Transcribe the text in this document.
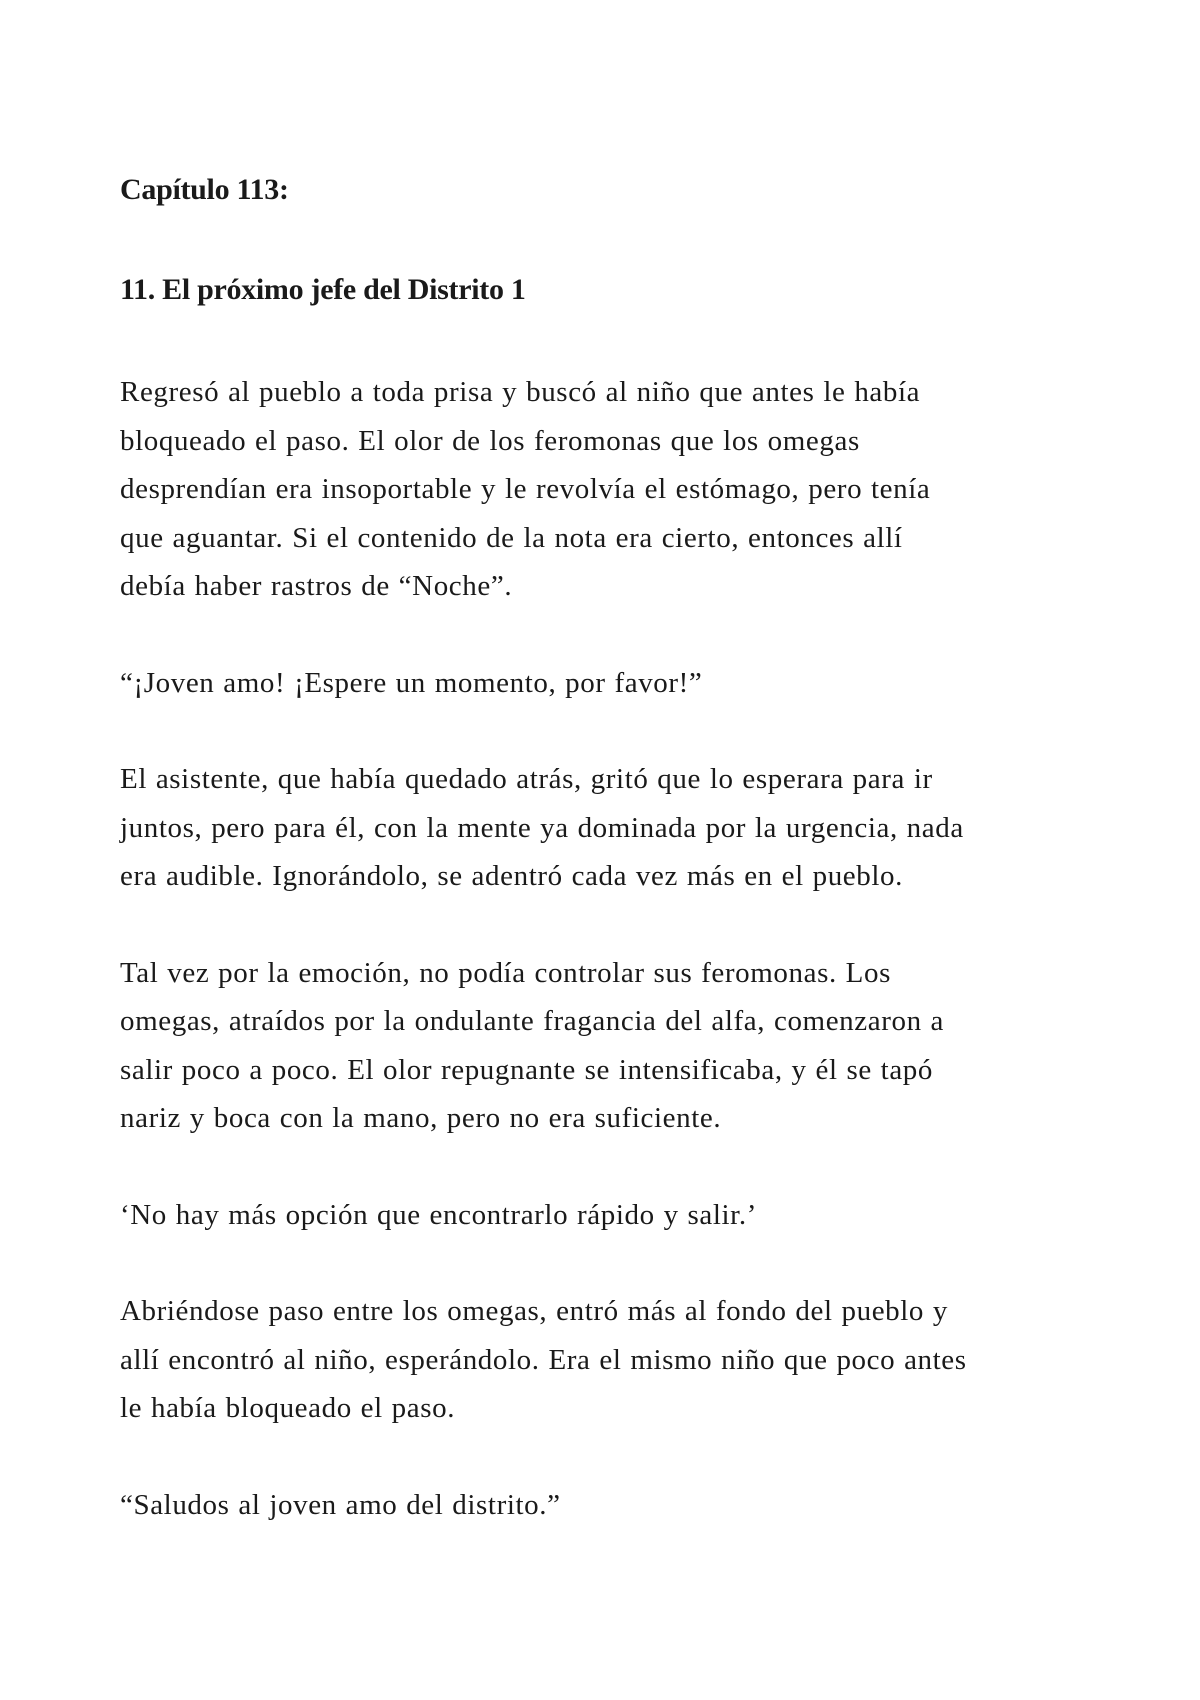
Capítulo 113:
11. El próximo jefe del Distrito 1

Regresó al pueblo a toda prisa y buscó al niño que antes le había
bloqueado el paso. El olor de los feromonas que los omegas
desprendían era insoportable y le revolvía el estómago, pero tenía
que aguantar. Si el contenido de la nota era cierto, entonces allí
debía haber rastros de “Noche”.

“¡Joven amo! ¡Espere un momento, por favor!”

El asistente, que había quedado atrás, gritó que lo esperara para ir
juntos, pero para él, con la mente ya dominada por la urgencia, nada
era audible. Ignorándolo, se adentró cada vez más en el pueblo.

Tal vez por la emoción, no podía controlar sus feromonas. Los
omegas, atraídos por la ondulante fragancia del alfa, comenzaron a
salir poco a poco. El olor repugnante se intensificaba, y él se tapó
nariz y boca con la mano, pero no era suficiente.

‘No hay más opción que encontrarlo rápido y salir.’

Abriéndose paso entre los omegas, entró más al fondo del pueblo y
allí encontró al niño, esperándolo. Era el mismo niño que poco antes
le había bloqueado el paso.

“Saludos al joven amo del distrito.”
